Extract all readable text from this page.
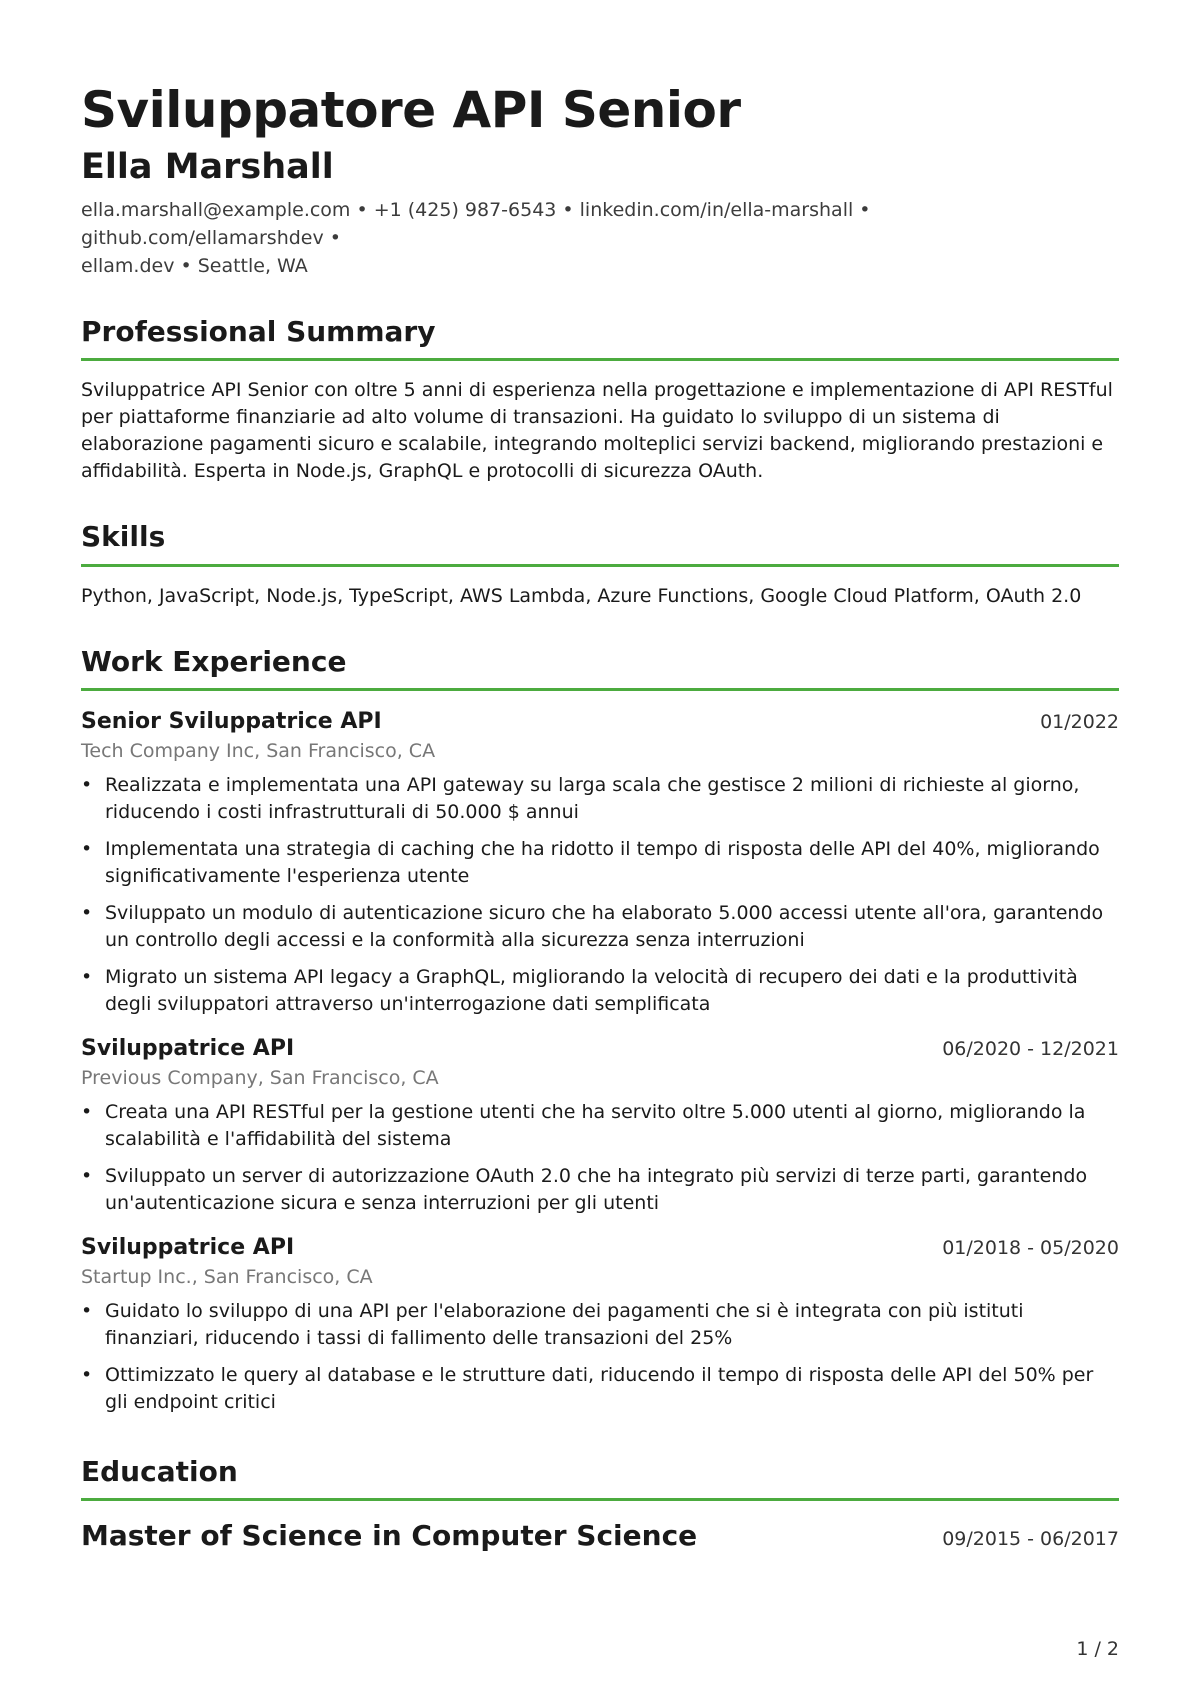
Sviluppatore API Senior
Ella Marshall
ella.marshall@example.com • +1 (425) 987-6543 • linkedin.com/in/ella-marshall • github.com/ellamarshdev •
ellam.dev • Seattle, WA
Professional Summary
Sviluppatrice API Senior con oltre 5 anni di esperienza nella progettazione e implementazione di API RESTful per piattaforme finanziarie ad alto volume di transazioni. Ha guidato lo sviluppo di un sistema di elaborazione pagamenti sicuro e scalabile, integrando molteplici servizi backend, migliorando prestazioni e affidabilità. Esperta in Node.js, GraphQL e protocolli di sicurezza OAuth.
Skills
Python, JavaScript, Node.js, TypeScript, AWS Lambda, Azure Functions, Google Cloud Platform, OAuth 2.0
Work Experience
Senior Sviluppatrice API	01/2022
Tech Company Inc, San Francisco, CA
• Realizzata e implementata una API gateway su larga scala che gestisce 2 milioni di richieste al giorno, riducendo i costi infrastrutturali di 50.000 $ annui
• Implementata una strategia di caching che ha ridotto il tempo di risposta delle API del 40%, migliorando significativamente l'esperienza utente
• Sviluppato un modulo di autenticazione sicuro che ha elaborato 5.000 accessi utente all'ora, garantendo un controllo degli accessi e la conformità alla sicurezza senza interruzioni
• Migrato un sistema API legacy a GraphQL, migliorando la velocità di recupero dei dati e la produttività degli sviluppatori attraverso un'interrogazione dati semplificata
Sviluppatrice API	06/2020 - 12/2021
Previous Company, San Francisco, CA
• Creata una API RESTful per la gestione utenti che ha servito oltre 5.000 utenti al giorno, migliorando la scalabilità e l'affidabilità del sistema
• Sviluppato un server di autorizzazione OAuth 2.0 che ha integrato più servizi di terze parti, garantendo un'autenticazione sicura e senza interruzioni per gli utenti
Sviluppatrice API	01/2018 - 05/2020
Startup Inc., San Francisco, CA
• Guidato lo sviluppo di una API per l'elaborazione dei pagamenti che si è integrata con più istituti finanziari, riducendo i tassi di fallimento delle transazioni del 25%
• Ottimizzato le query al database e le strutture dati, riducendo il tempo di risposta delle API del 50% per gli endpoint critici
Education
Master of Science in Computer Science	09/2015 - 06/2017
1 / 2
